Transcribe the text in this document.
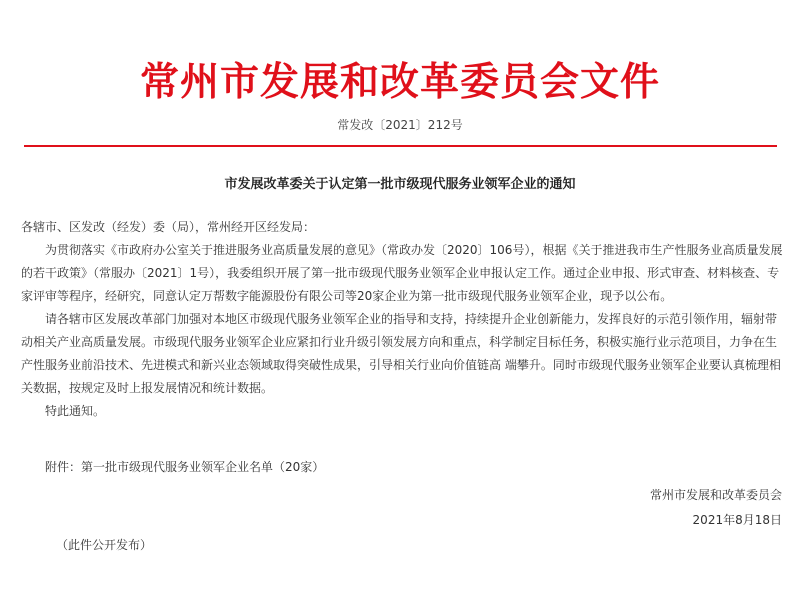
常州市发展和改革委员会文件
常发改〔2021〕212号
市发展改革委关于认定第一批市级现代服务业领军企业的通知

各辖市、区发改（经发）委（局），常州经开区经发局：

为贯彻落实《市政府办公室关于推进服务业高质量发展的意见》（常政办发〔2020〕106号），根据《关于推进我市生产性服务业高质量发展的若干政策》（常服办〔2021〕1号），我委组织开展了第一批市级现代服务业领军企业申报认定工作。通过企业申报、形式审查、材料核查、专家评审等程序，经研究，同意认定万帮数字能源股份有限公司等20家企业为第一批市级现代服务业领军企业，现予以公布。

请各辖市区发展改革部门加强对本地区市级现代服务业领军企业的指导和支持，持续提升企业创新能力，发挥良好的示范引领作用，辐射带动相关产业高质量发展。市级现代服务业领军企业应紧扣行业升级引领发展方向和重点，科学制定目标任务，积极实施行业示范项目，力争在生产性服务业前沿技术、先进模式和新兴业态领域取得突破性成果，引导相关行业向价值链高 端攀升。同时市级现代服务业领军企业要认真梳理相关数据，按规定及时上报发展情况和统计数据。

特此通知。

附件：第一批市级现代服务业领军企业名单（20家）
常州市发展和改革委员会
2021年8月18日
（此件公开发布）
